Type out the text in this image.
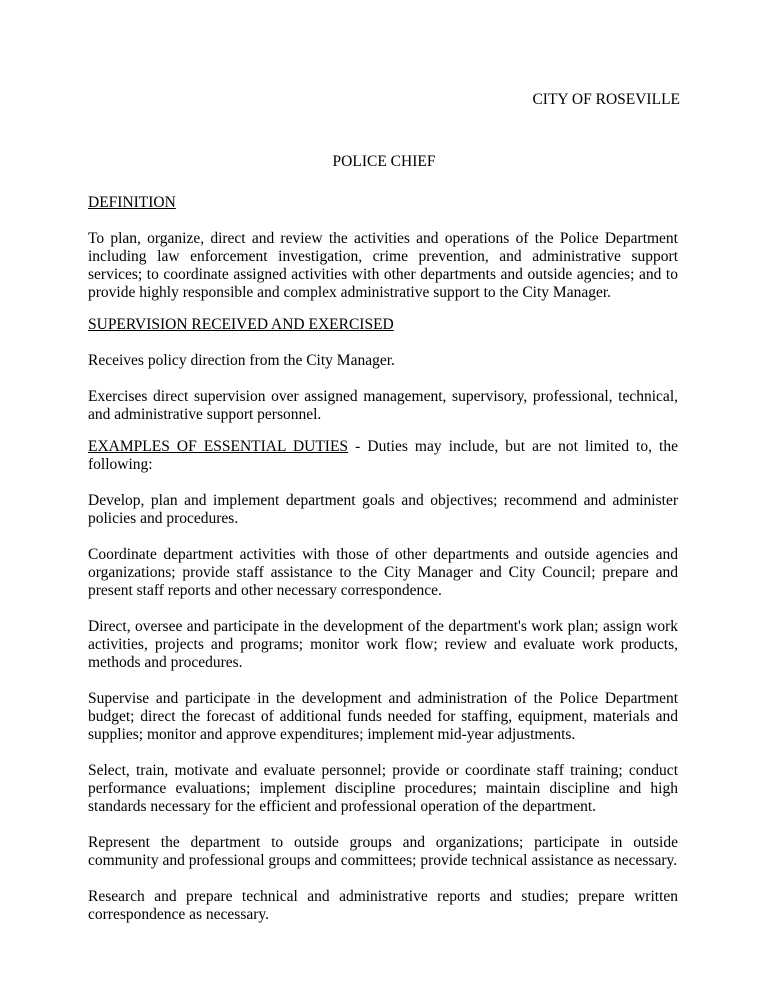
CITY OF ROSEVILLE
POLICE CHIEF
DEFINITION

To plan, organize, direct and review the activities and operations of the Police Department including law enforcement investigation, crime prevention, and administrative support services; to coordinate assigned activities with other departments and outside agencies; and to provide highly responsible and complex administrative support to the City Manager.

SUPERVISION RECEIVED AND EXERCISED

Receives policy direction from the City Manager.

Exercises direct supervision over assigned management, supervisory, professional, technical, and administrative support personnel.

EXAMPLES OF ESSENTIAL DUTIES - Duties may include, but are not limited to, the following:

Develop, plan and implement department goals and objectives; recommend and administer policies and procedures.

Coordinate department activities with those of other departments and outside agencies and organizations; provide staff assistance to the City Manager and City Council; prepare and present staff reports and other necessary correspondence.

Direct, oversee and participate in the development of the department's work plan; assign work activities, projects and programs; monitor work flow; review and evaluate work products, methods and procedures.

Supervise and participate in the development and administration of the Police Department budget; direct the forecast of additional funds needed for staffing, equipment, materials and supplies; monitor and approve expenditures; implement mid-year adjustments.

Select, train, motivate and evaluate personnel; provide or coordinate staff training; conduct performance evaluations; implement discipline procedures; maintain discipline and high standards necessary for the efficient and professional operation of the department.

Represent the department to outside groups and organizations; participate in outside community and professional groups and committees; provide technical assistance as necessary.

Research and prepare technical and administrative reports and studies; prepare written correspondence as necessary.
